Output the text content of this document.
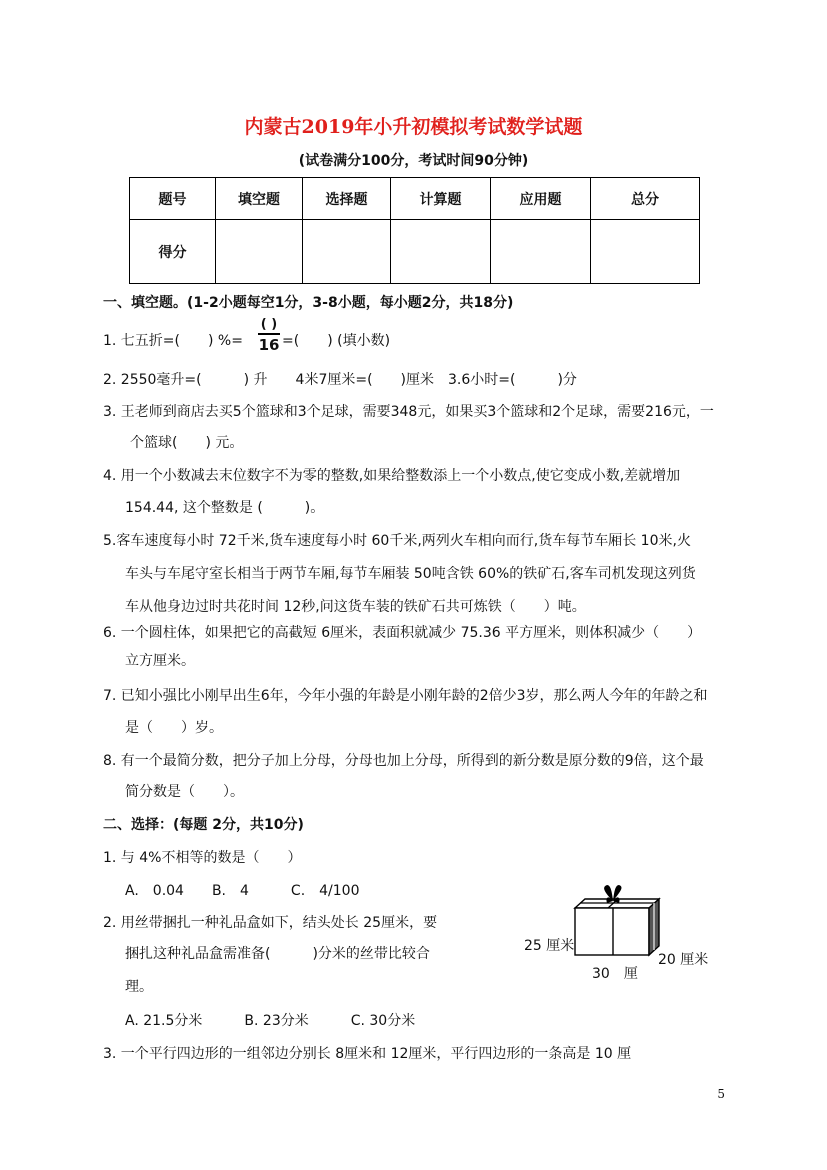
内蒙古2019年小升初模拟考试数学试题
(试卷满分100分，考试时间90分钟)
题号	填空题	选择题	计算题	应用题	总分
得分					
一、填空题。(1-2小题每空1分，3-8小题，每小题2分，共18分)
1. 七五折=(　　) %=
( )
16 =(　　) (填小数)
2. 2550毫升=(　　　) 升　　4米7厘米=(　　)厘米　3.6小时=(　　　)分
3. 王老师到商店去买5个篮球和3个足球，需要348元，如果买3个篮球和2个足球，需要216元，一
个篮球(　　) 元。
4. 用一个小数减去末位数字不为零的整数,如果给整数添上一个小数点,使它变成小数,差就增加
154.44, 这个整数是 (　　　)。
5.客车速度每小时 72千米,货车速度每小时 60千米,两列火车相向而行,货车每节车厢长 10米,火
车头与车尾守室长相当于两节车厢,每节车厢装 50吨含铁 60%的铁矿石,客车司机发现这列货
车从他身边过时共花时间 12秒,问这货车装的铁矿石共可炼铁（　　）吨。
6. 一个圆柱体，如果把它的高截短 6厘米，表面积就减少 75.36 平方厘米，则体积减少（　　）
立方厘米。
7. 已知小强比小刚早出生6年，今年小强的年龄是小刚年龄的2倍少3岁，那么两人今年的年龄之和
是（　　）岁。
8. 有一个最简分数，把分子加上分母，分母也加上分母，所得到的新分数是原分数的9倍，这个最
简分数是（　　）。
二、选择：(每题 2分，共10分)
1. 与 4%不相等的数是（　　）
A.　0.04　　B.　4　　　C.　4/100
2. 用丝带捆扎一种礼品盒如下，结头处长 25厘米，要
捆扎这种礼品盒需准备(　　　)分米的丝带比较合
理。
A. 21.5分米　　　B. 23分米　　　C. 30分米
3. 一个平行四边形的一组邻边分别长 8厘米和 12厘米，平行四边形的一条高是 10 厘
25 厘米
20 厘米
30　厘
5
